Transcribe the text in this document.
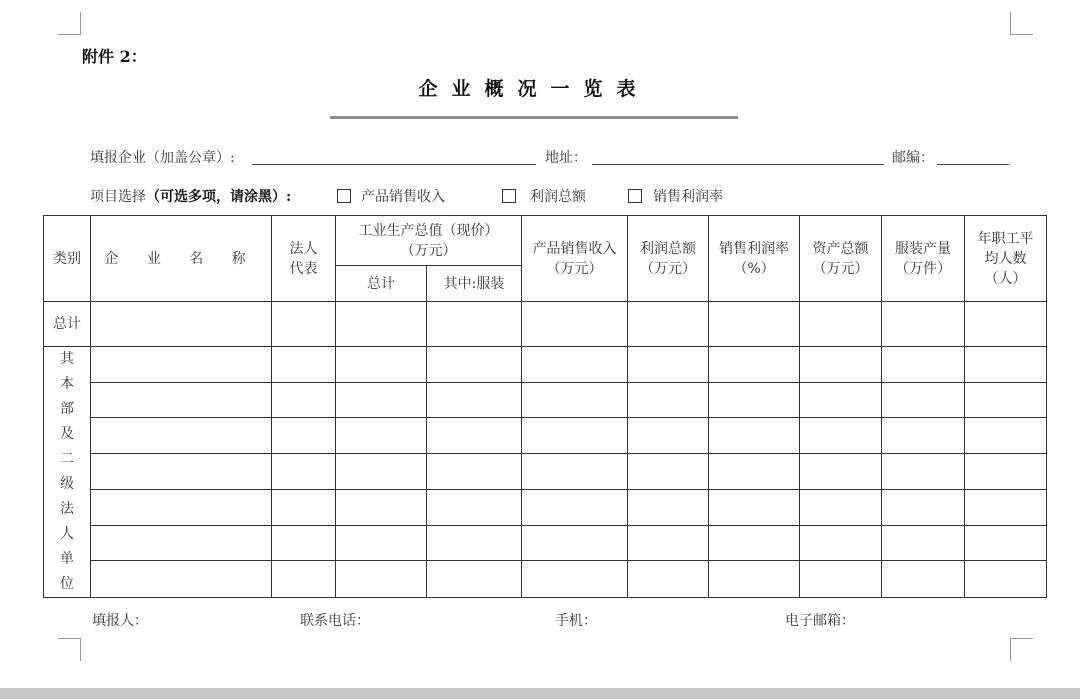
附件 2：
企业概况一览表
填报企业（加盖公章）:	地址：	邮编：
项目选择（可选多项，请涂黑）:	产品销售收入	利润总额	销售利润率
类别	企 业 名 称	法人代表	工业生产总值（现价）（万元）		产品销售收入（万元）	利润总额（万元）	销售利润率（%）	资产总额（万元）	服装产量（万件）	年职工平均人数（人）

			总计	其中:服装						
总计										

其本部及二级法人单位										

填报人：	联系电话：	手机：	电子邮箱：
